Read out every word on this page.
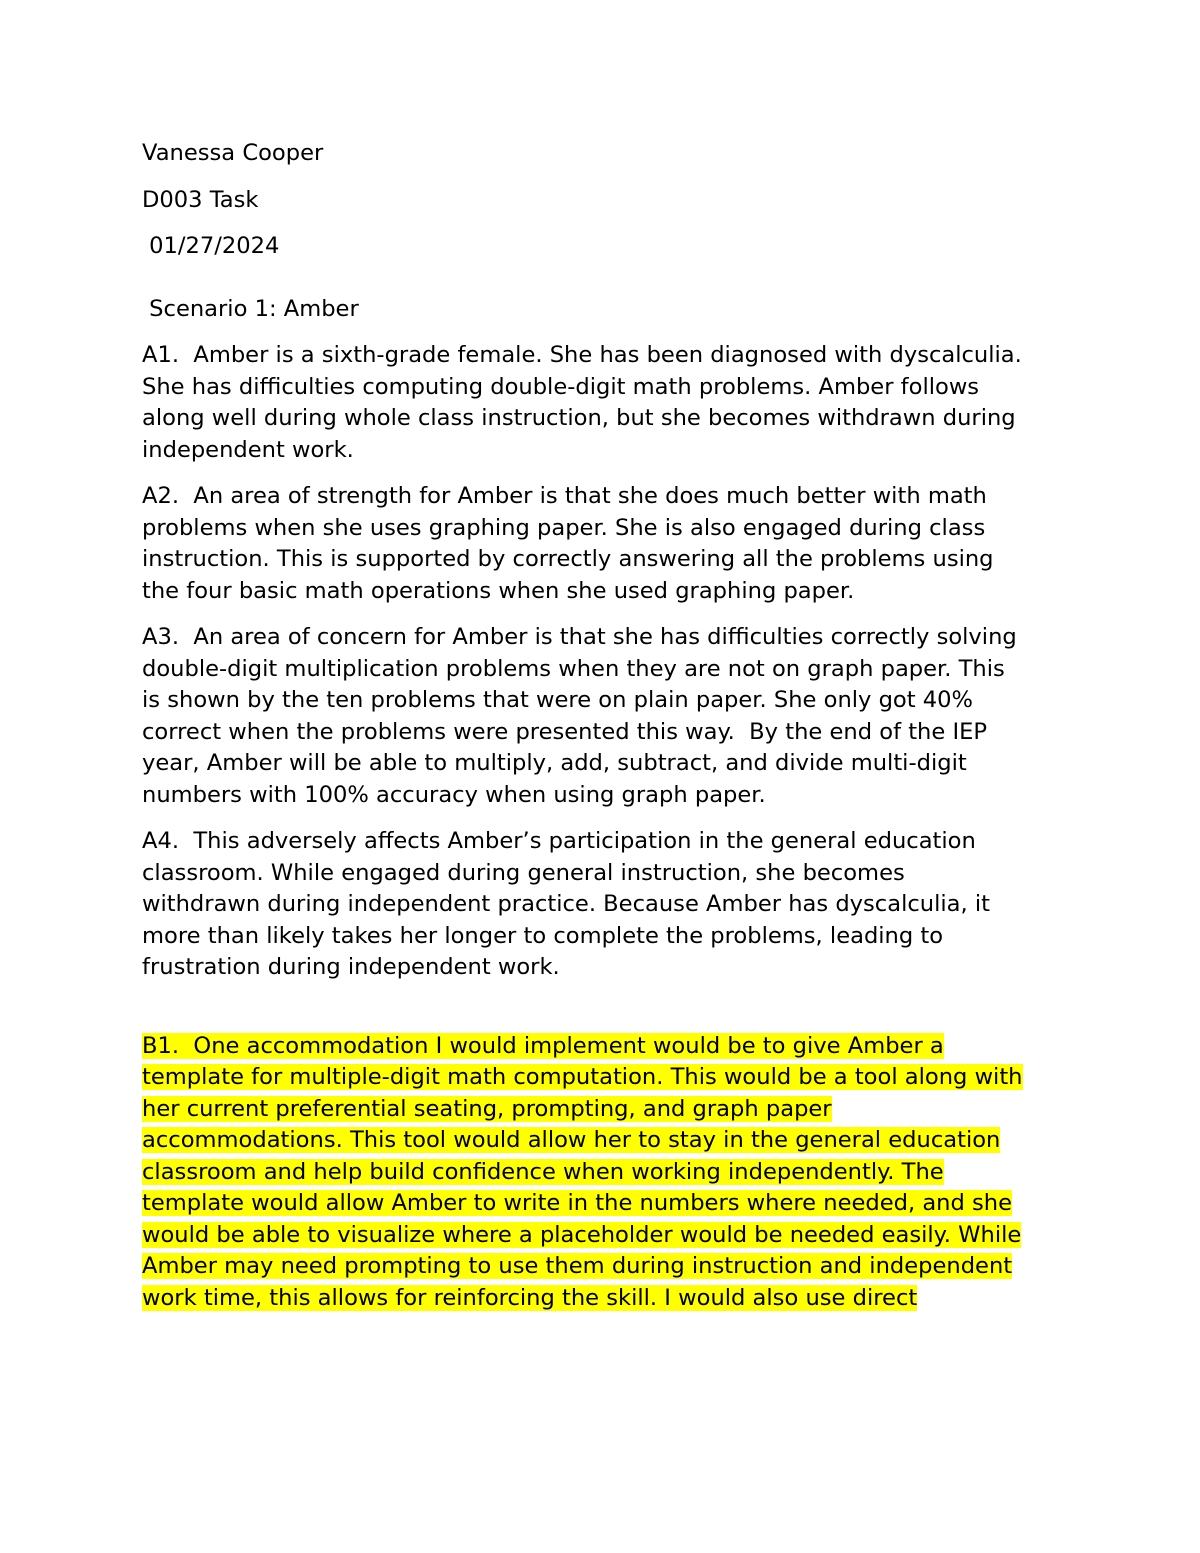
Vanessa Cooper
D003 Task
01/27/2024
Scenario 1: Amber
A1.  Amber is a sixth-grade female. She has been diagnosed with dyscalculia.
She has difficulties computing double-digit math problems. Amber follows
along well during whole class instruction, but she becomes withdrawn during
independent work.
A2.  An area of strength for Amber is that she does much better with math
problems when she uses graphing paper. She is also engaged during class
instruction. This is supported by correctly answering all the problems using
the four basic math operations when she used graphing paper.
A3.  An area of concern for Amber is that she has difficulties correctly solving
double-digit multiplication problems when they are not on graph paper. This
is shown by the ten problems that were on plain paper. She only got 40%
correct when the problems were presented this way.  By the end of the IEP
year, Amber will be able to multiply, add, subtract, and divide multi-digit
numbers with 100% accuracy when using graph paper.
A4.  This adversely affects Amber’s participation in the general education
classroom. While engaged during general instruction, she becomes
withdrawn during independent practice. Because Amber has dyscalculia, it
more than likely takes her longer to complete the problems, leading to
frustration during independent work.
B1.  One accommodation I would implement would be to give Amber a
template for multiple-digit math computation. This would be a tool along with
her current preferential seating, prompting, and graph paper
accommodations. This tool would allow her to stay in the general education
classroom and help build confidence when working independently. The
template would allow Amber to write in the numbers where needed, and she
would be able to visualize where a placeholder would be needed easily. While
Amber may need prompting to use them during instruction and independent
work time, this allows for reinforcing the skill. I would also use direct
